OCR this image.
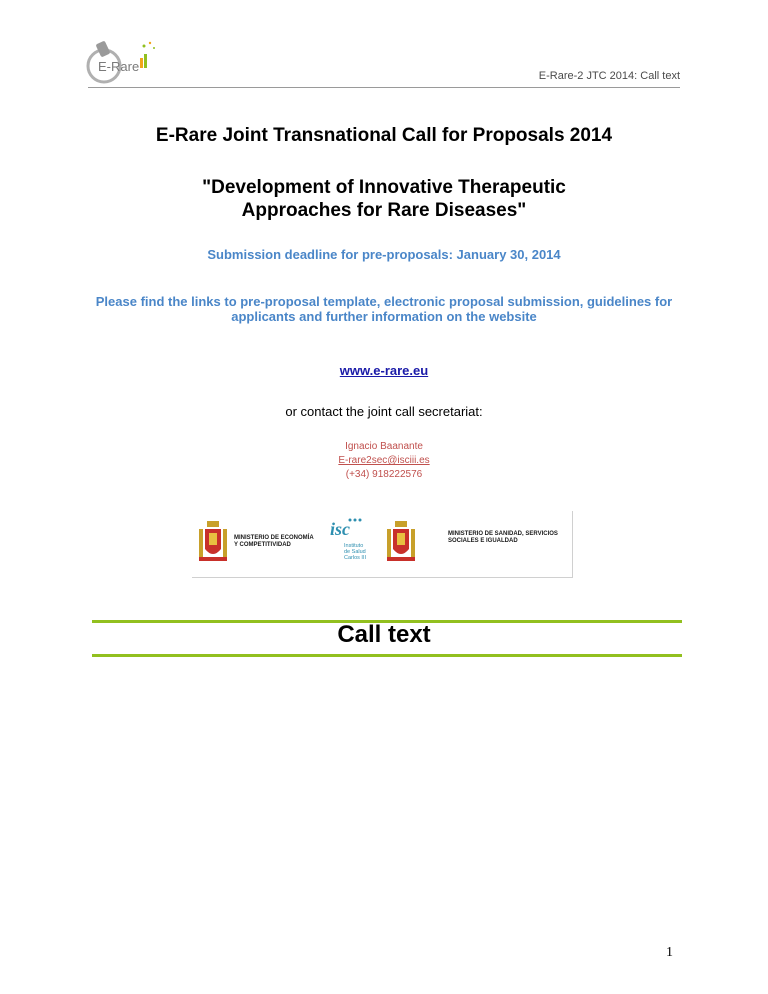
E-Rare
E-Rare-2 JTC 2014: Call text
E-Rare Joint Transnational Call for Proposals 2014
"Development of Innovative Therapeutic Approaches for Rare Diseases"
Submission deadline for pre-proposals: January 30, 2014
Please find the links to pre-proposal template, electronic proposal submission, guidelines for applicants and further information on the website
www.e-rare.eu
or contact the joint call secretariat:
Ignacio Baanante
E-rare2sec@isciii.es
(+34) 918222576
MINISTERIO DE ECONOMÍA Y COMPETITIVIDAD
isc
Instituto de Salud Carlos III
MINISTERIO DE SANIDAD, SERVICIOS SOCIALES E IGUALDAD
Call text
1
